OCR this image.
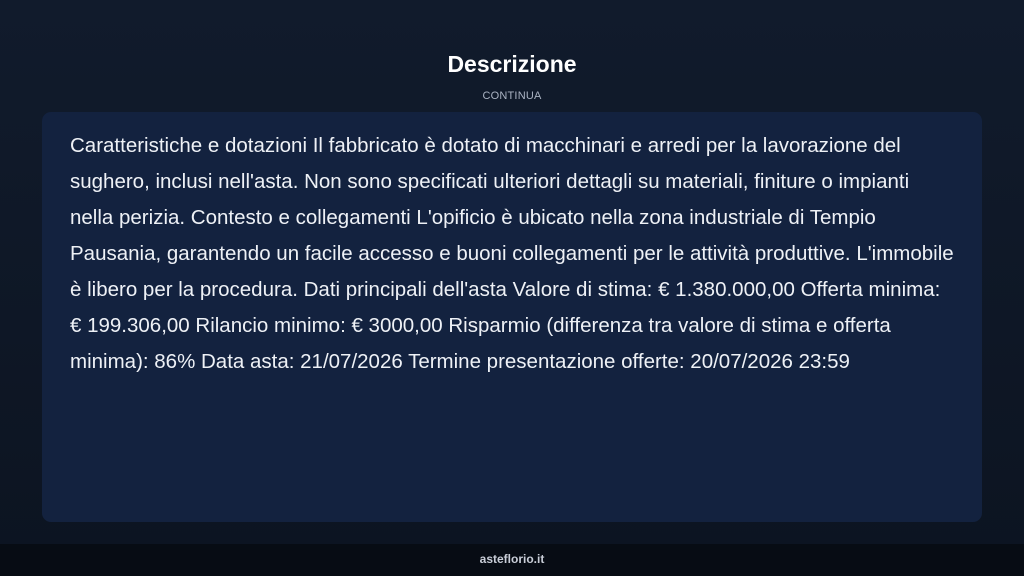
Descrizione
CONTINUA

Caratteristiche e dotazioni Il fabbricato è dotato di macchinari e arredi per la lavorazione del sughero, inclusi nell'asta. Non sono specificati ulteriori dettagli su materiali, finiture o impianti nella perizia. Contesto e collegamenti L'opificio è ubicato nella zona industriale di Tempio Pausania, garantendo un facile accesso e buoni collegamenti per le attività produttive. L'immobile è libero per la procedura. Dati principali dell'asta Valore di stima: € 1.380.000,00 Offerta minima: € 199.306,00 Rilancio minimo: € 3000,00 Risparmio (differenza tra valore di stima e offerta minima): 86% Data asta: 21/07/2026 Termine presentazione offerte: 20/07/2026 23:59

asteflorio.it
